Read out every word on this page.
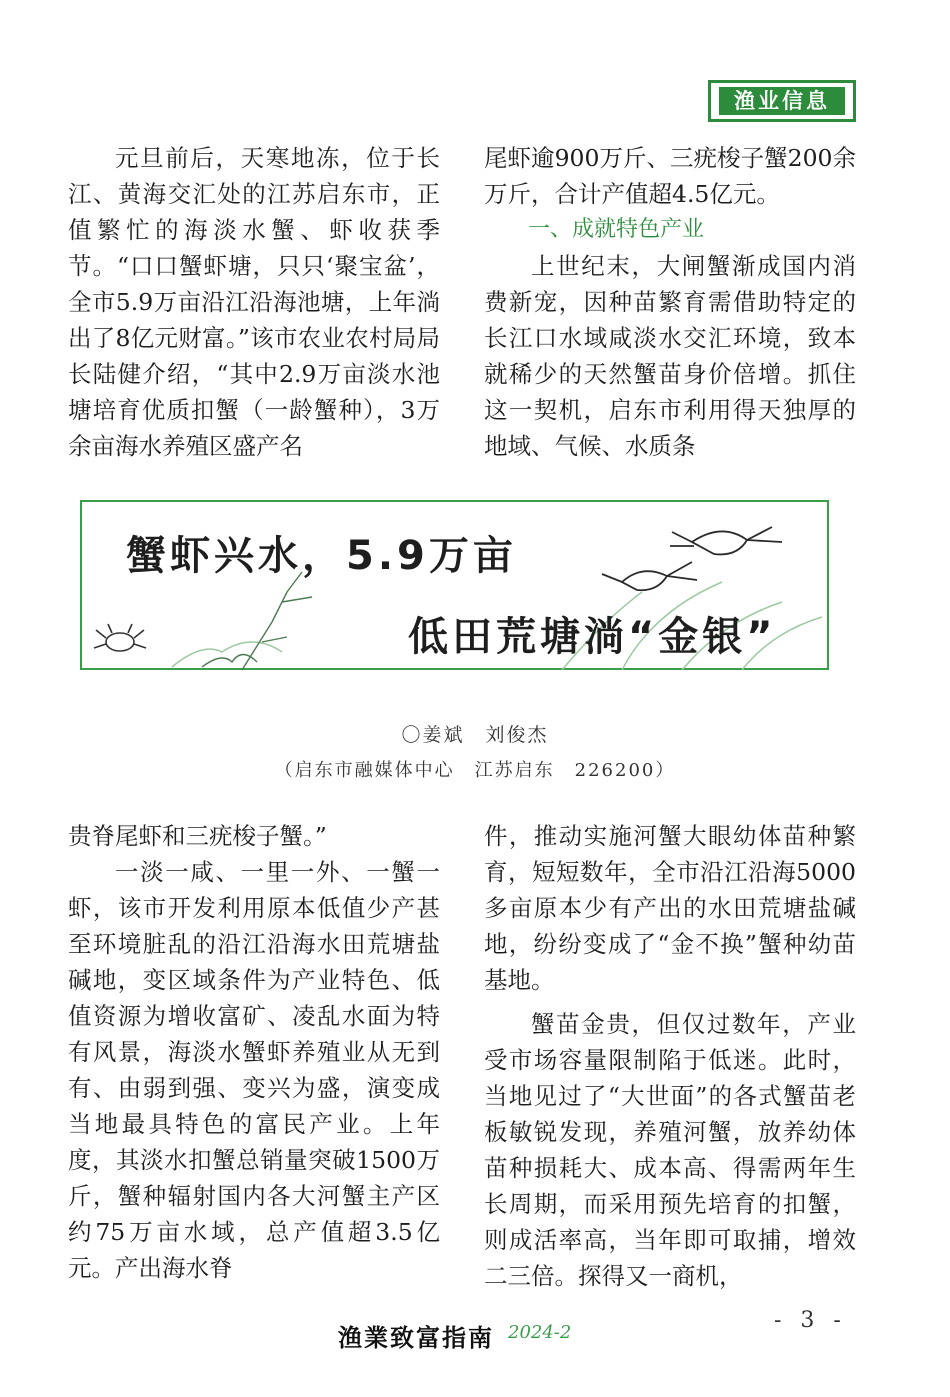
渔业信息

元旦前后，天寒地冻，位于长江、黄海交汇处的江苏启东市，正值繁忙的海淡水蟹、虾收获季节。“口口蟹虾塘，只只‘聚宝盆’，全市5.9万亩沿江沿海池塘，上年淌出了8亿元财富。”该市农业农村局局长陆健介绍，“其中2.9万亩淡水池塘培育优质扣蟹（一龄蟹种），3万余亩海水养殖区盛产名

尾虾逾900万斤、三疣梭子蟹200余万斤，合计产值超4.5亿元。

一、成就特色产业

上世纪末，大闸蟹渐成国内消费新宠，因种苗繁育需借助特定的长江口水域咸淡水交汇环境，致本就稀少的天然蟹苗身价倍增。抓住这一契机，启东市利用得天独厚的地域、气候、水质条

蟹虾兴水，5.9万亩
低田荒塘淌“金银”
〇姜斌　刘俊杰
（启东市融媒体中心　江苏启东　226200）

贵脊尾虾和三疣梭子蟹。”

一淡一咸、一里一外、一蟹一虾，该市开发利用原本低值少产甚至环境脏乱的沿江沿海水田荒塘盐碱地，变区域条件为产业特色、低值资源为增收富矿、凌乱水面为特有风景，海淡水蟹虾养殖业从无到有、由弱到强、变兴为盛，演变成当地最具特色的富民产业。上年度，其淡水扣蟹总销量突破1500万斤，蟹种辐射国内各大河蟹主产区约75万亩水域，总产值超3.5亿元。产出海水脊

件，推动实施河蟹大眼幼体苗种繁育，短短数年，全市沿江沿海5000多亩原本少有产出的水田荒塘盐碱地，纷纷变成了“金不换”蟹种幼苗基地。

蟹苗金贵，但仅过数年，产业受市场容量限制陷于低迷。此时，当地见过了“大世面”的各式蟹苗老板敏锐发现，养殖河蟹，放养幼体苗种损耗大、成本高、得需两年生长周期，而采用预先培育的扣蟹，则成活率高，当年即可取捕，增效二三倍。探得又一商机，

渔業致富指南 2024-2	- 3 -
